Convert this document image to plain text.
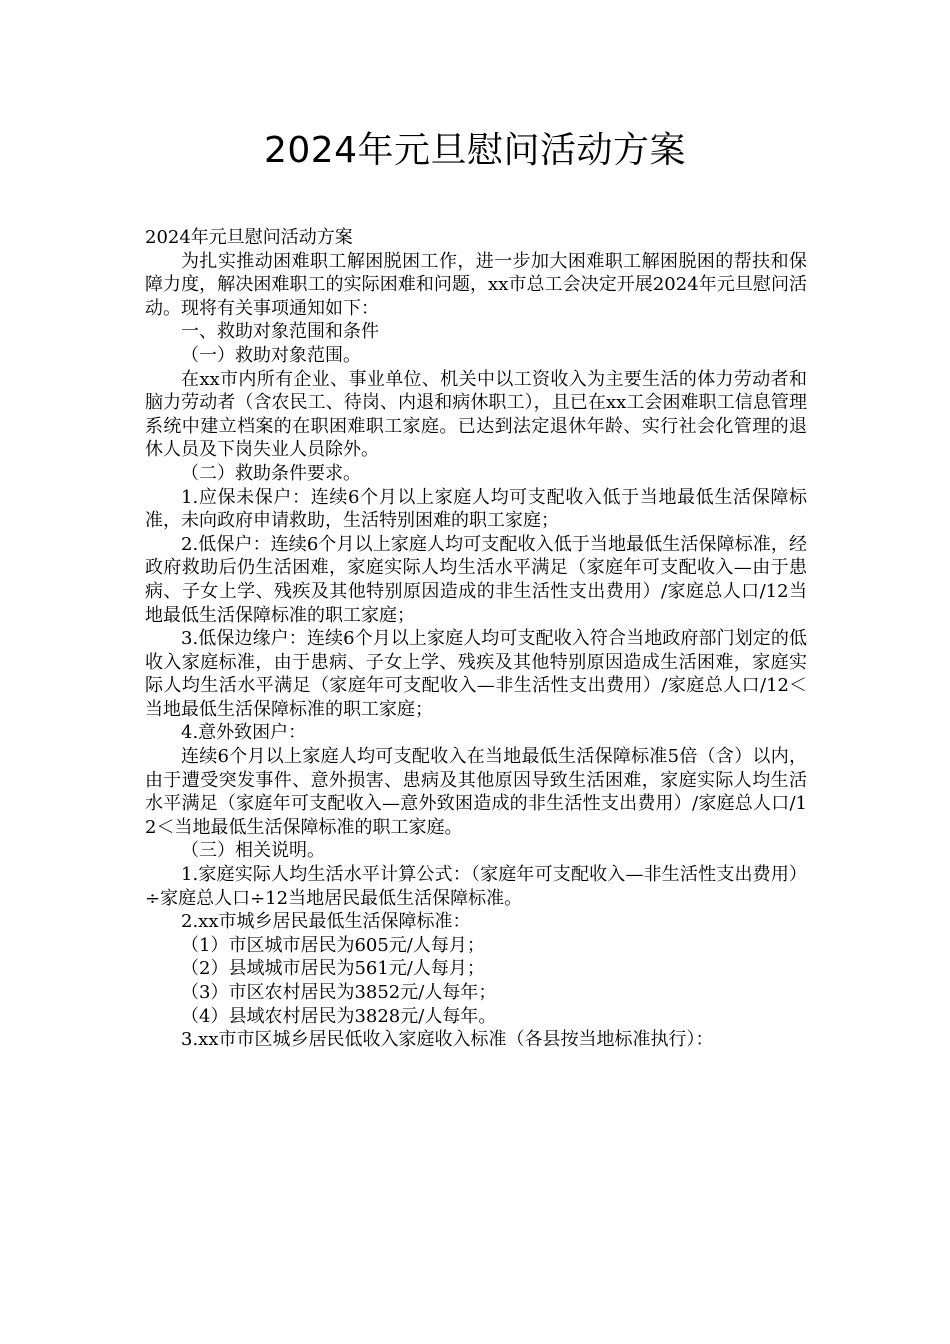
2024年元旦慰问活动方案

2024年元旦慰问活动方案

为扎实推动困难职工解困脱困工作，进一步加大困难职工解困脱困的帮扶和保障力度，解决困难职工的实际困难和问题，xx市总工会决定开展2024年元旦慰问活动。现将有关事项通知如下：

一、救助对象范围和条件

（一）救助对象范围。

在xx市内所有企业、事业单位、机关中以工资收入为主要生活的体力劳动者和脑力劳动者（含农民工、待岗、内退和病休职工），且已在xx工会困难职工信息管理系统中建立档案的在职困难职工家庭。已达到法定退休年龄、实行社会化管理的退休人员及下岗失业人员除外。

（二）救助条件要求。

1.应保未保户：连续6个月以上家庭人均可支配收入低于当地最低生活保障标准，未向政府申请救助，生活特别困难的职工家庭；

2.低保户：连续6个月以上家庭人均可支配收入低于当地最低生活保障标准，经政府救助后仍生活困难，家庭实际人均生活水平满足（家庭年可支配收入—由于患病、子女上学、残疾及其他特别原因造成的非生活性支出费用）/家庭总人口/12当地最低生活保障标准的职工家庭；

3.低保边缘户：连续6个月以上家庭人均可支配收入符合当地政府部门划定的低收入家庭标准，由于患病、子女上学、残疾及其他特别原因造成生活困难，家庭实际人均生活水平满足（家庭年可支配收入—非生活性支出费用）/家庭总人口/12＜当地最低生活保障标准的职工家庭；

4.意外致困户：

连续6个月以上家庭人均可支配收入在当地最低生活保障标准5倍（含）以内，由于遭受突发事件、意外损害、患病及其他原因导致生活困难，家庭实际人均生活水平满足（家庭年可支配收入—意外致困造成的非生活性支出费用）/家庭总人口/12＜当地最低生活保障标准的职工家庭。

（三）相关说明。

1.家庭实际人均生活水平计算公式：（家庭年可支配收入—非生活性支出费用）÷家庭总人口÷12当地居民最低生活保障标准。

2.xx市城乡居民最低生活保障标准：

（1）市区城市居民为605元/人每月；

（2）县域城市居民为561元/人每月；

（3）市区农村居民为3852元/人每年；

（4）县域农村居民为3828元/人每年。

3.xx市市区城乡居民低收入家庭收入标准（各县按当地标准执行）：
